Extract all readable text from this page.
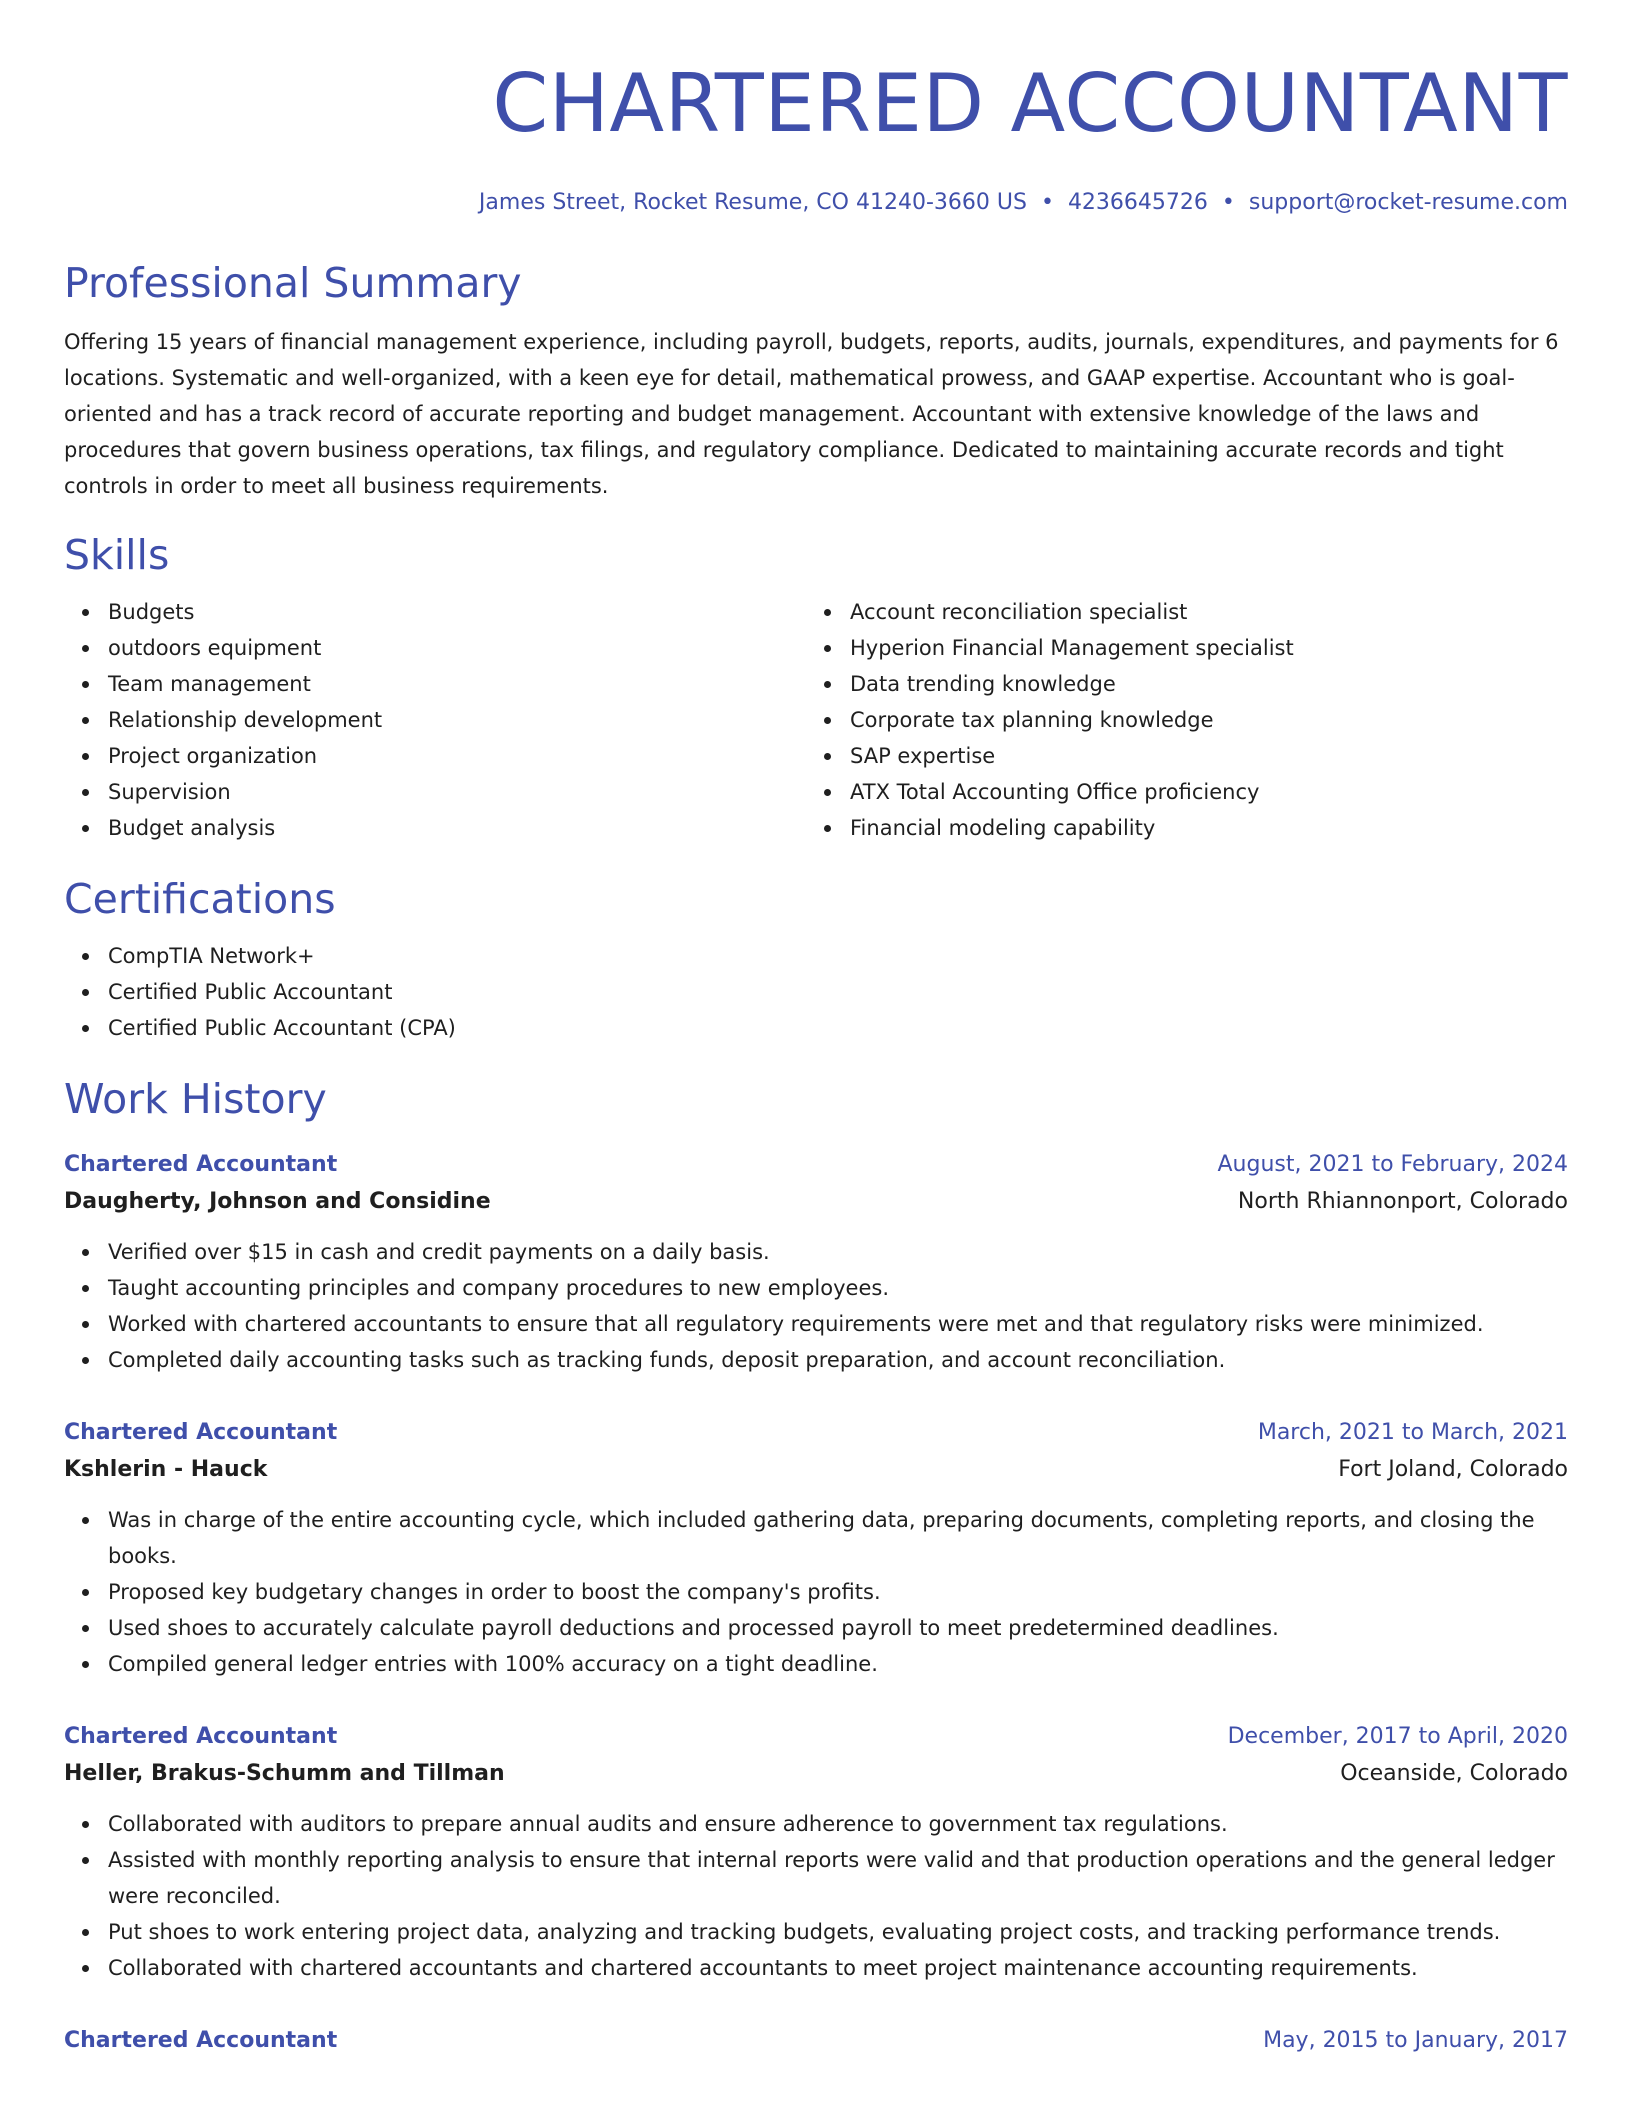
CHARTERED ACCOUNTANT
James Street, Rocket Resume, CO 41240-3660 US • 4236645726 • support@rocket-resume.com
Professional Summary

Offering 15 years of financial management experience, including payroll, budgets, reports, audits, journals, expenditures, and payments for 6 locations. Systematic and well-organized, with a keen eye for detail, mathematical prowess, and GAAP expertise. Accountant who is goal-oriented and has a track record of accurate reporting and budget management. Accountant with extensive knowledge of the laws and procedures that govern business operations, tax filings, and regulatory compliance. Dedicated to maintaining accurate records and tight controls in order to meet all business requirements.

Skills
Budgets
outdoors equipment
Team management
Relationship development
Project organization
Supervision
Budget analysis
Account reconciliation specialist
Hyperion Financial Management specialist
Data trending knowledge
Corporate tax planning knowledge
SAP expertise
ATX Total Accounting Office proficiency
Financial modeling capability
Certifications
CompTIA Network+
Certified Public Accountant
Certified Public Accountant (CPA)
Work History
Chartered Accountant	August, 2021 to February, 2024
Daugherty, Johnson and Considine	North Rhiannonport, Colorado
Verified over $15 in cash and credit payments on a daily basis.
Taught accounting principles and company procedures to new employees.
Worked with chartered accountants to ensure that all regulatory requirements were met and that regulatory risks were minimized.
Completed daily accounting tasks such as tracking funds, deposit preparation, and account reconciliation.
Chartered Accountant	March, 2021 to March, 2021
Kshlerin - Hauck	Fort Joland, Colorado
Was in charge of the entire accounting cycle, which included gathering data, preparing documents, completing reports, and closing the books.
Proposed key budgetary changes in order to boost the company's profits.
Used shoes to accurately calculate payroll deductions and processed payroll to meet predetermined deadlines.
Compiled general ledger entries with 100% accuracy on a tight deadline.
Chartered Accountant	December, 2017 to April, 2020
Heller, Brakus-Schumm and Tillman	Oceanside, Colorado
Collaborated with auditors to prepare annual audits and ensure adherence to government tax regulations.
Assisted with monthly reporting analysis to ensure that internal reports were valid and that production operations and the general ledger were reconciled.
Put shoes to work entering project data, analyzing and tracking budgets, evaluating project costs, and tracking performance trends.
Collaborated with chartered accountants and chartered accountants to meet project maintenance accounting requirements.
Chartered Accountant	May, 2015 to January, 2017
